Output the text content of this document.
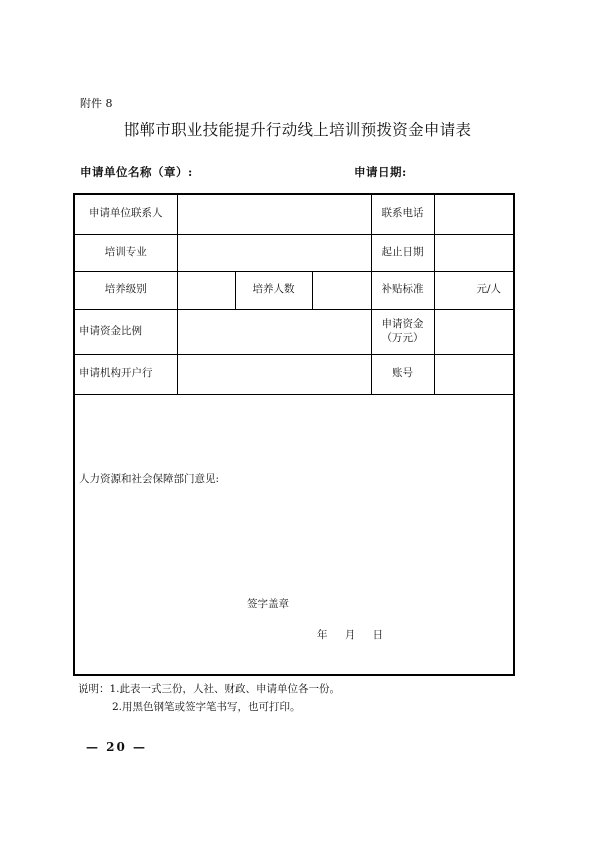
附件 8
邯郸市职业技能提升行动线上培训预拨资金申请表
申请单位名称（章）:	申请日期:
申请单位联系人				联系电话	
培训专业				起止日期	
培养级别		培养人数		补贴标准	元/人
申请资金比例				申请资金
（万元）	

申请机构开户行				账号	

人力资源和社会保障部门意见:
签字盖章
年 月 日					
说明：1.此表一式三份，人社、财政、申请单位各一份。
2.用黑色钢笔或签字笔书写，也可打印。
— 20 —
